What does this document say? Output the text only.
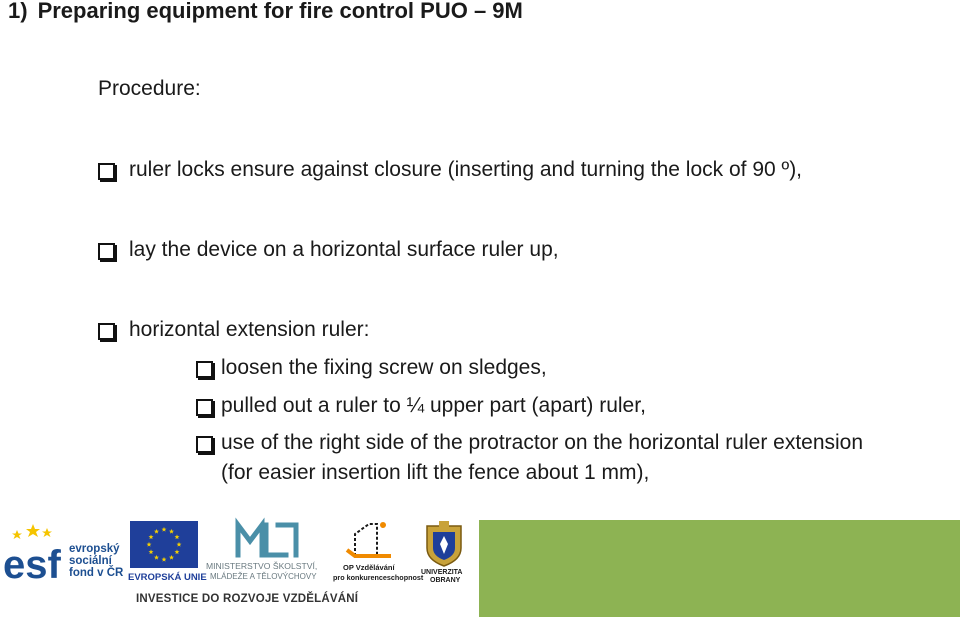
1) Preparing equipment for fire control PUO – 9M
Procedure:
ruler locks ensure against closure (inserting and turning the lock of 90 º),
lay the device on a horizontal surface ruler up,
horizontal extension ruler:
loosen the fixing screw on sledges,
pulled out a ruler to ¼ upper part (apart) ruler,
use of the right side of the protractor on the horizontal ruler extension
(for easier insertion lift the fence about 1 mm),
esf evropský
sociální
fond v ČR EVROPSKÁ UNIE
MINISTERSTVO ŠKOLSTVÍ,
MLÁDEŽE A TĚLOVÝCHOVY
OP Vzdělávání
pro konkurenceschopnost
UNIVERZITA
OBRANY
INVESTICE DO ROZVOJE VZDĚLÁVÁNÍ
